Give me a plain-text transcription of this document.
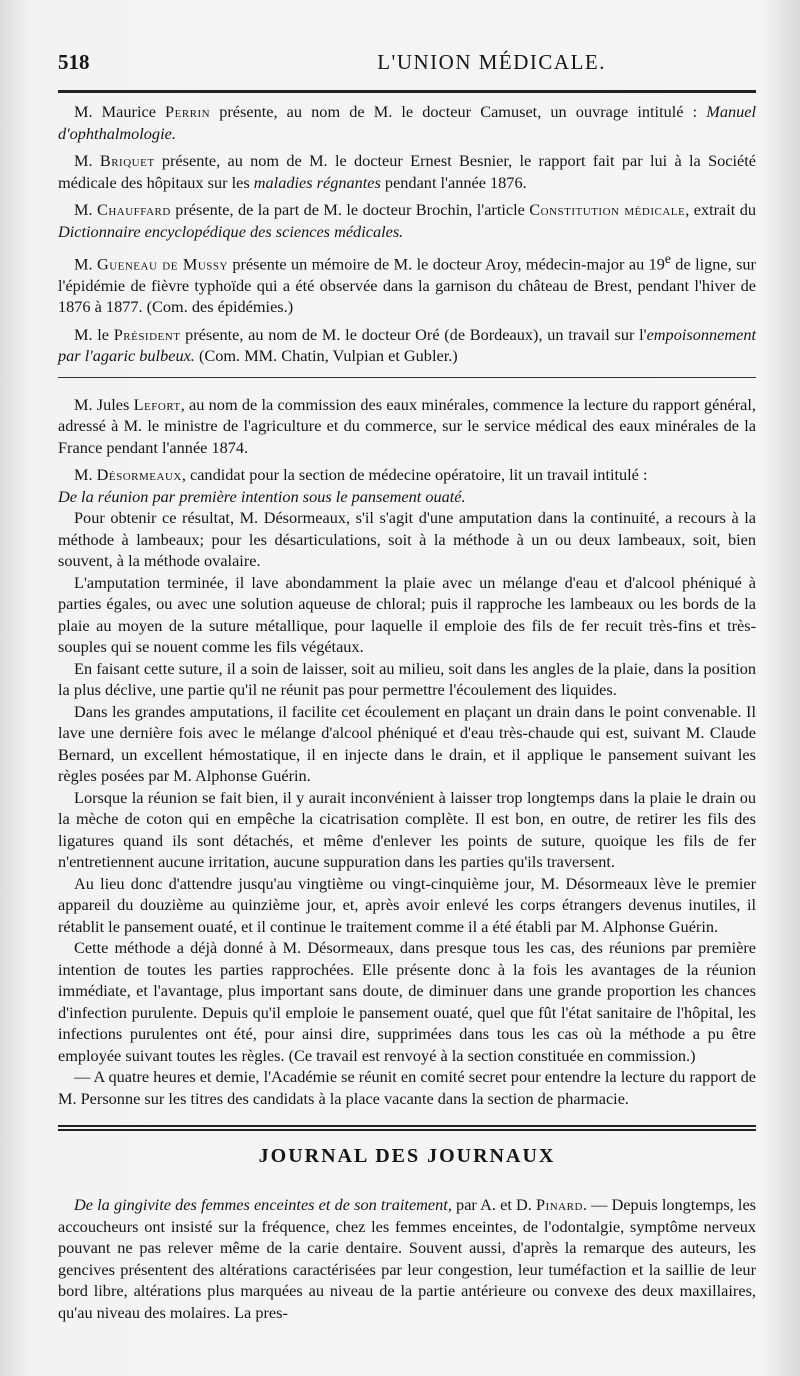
518	L'UNION MÉDICALE.

M. Maurice Perrin présente, au nom de M. le docteur Camuset, un ouvrage intitulé : Manuel d'ophthalmologie.

M. Briquet présente, au nom de M. le docteur Ernest Besnier, le rapport fait par lui à la Société médicale des hôpitaux sur les maladies régnantes pendant l'année 1876.

M. Chauffard présente, de la part de M. le docteur Brochin, l'article Constitution médicale, extrait du Dictionnaire encyclopédique des sciences médicales.

M. Gueneau de Mussy présente un mémoire de M. le docteur Aroy, médecin-major au 19e de ligne, sur l'épidémie de fièvre typhoïde qui a été observée dans la garnison du château de Brest, pendant l'hiver de 1876 à 1877. (Com. des épidémies.)

M. le Président présente, au nom de M. le docteur Oré (de Bordeaux), un travail sur l'empoisonnement par l'agaric bulbeux. (Com. MM. Chatin, Vulpian et Gubler.)

M. Jules Lefort, au nom de la commission des eaux minérales, commence la lecture du rapport général, adressé à M. le ministre de l'agriculture et du commerce, sur le service médical des eaux minérales de la France pendant l'année 1874.

M. Désormeaux, candidat pour la section de médecine opératoire, lit un travail intitulé :
De la réunion par première intention sous le pansement ouaté.

Pour obtenir ce résultat, M. Désormeaux, s'il s'agit d'une amputation dans la continuité, a recours à la méthode à lambeaux; pour les désarticulations, soit à la méthode à un ou deux lambeaux, soit, bien souvent, à la méthode ovalaire.

L'amputation terminée, il lave abondamment la plaie avec un mélange d'eau et d'alcool phéniqué à parties égales, ou avec une solution aqueuse de chloral; puis il rapproche les lambeaux ou les bords de la plaie au moyen de la suture métallique, pour laquelle il emploie des fils de fer recuit très-fins et très-souples qui se nouent comme les fils végétaux.

En faisant cette suture, il a soin de laisser, soit au milieu, soit dans les angles de la plaie, dans la position la plus déclive, une partie qu'il ne réunit pas pour permettre l'écoulement des liquides.

Dans les grandes amputations, il facilite cet écoulement en plaçant un drain dans le point convenable. Il lave une dernière fois avec le mélange d'alcool phéniqué et d'eau très-chaude qui est, suivant M. Claude Bernard, un excellent hémostatique, il en injecte dans le drain, et il applique le pansement suivant les règles posées par M. Alphonse Guérin.

Lorsque la réunion se fait bien, il y aurait inconvénient à laisser trop longtemps dans la plaie le drain ou la mèche de coton qui en empêche la cicatrisation complète. Il est bon, en outre, de retirer les fils des ligatures quand ils sont détachés, et même d'enlever les points de suture, quoique les fils de fer n'entretiennent aucune irritation, aucune suppuration dans les parties qu'ils traversent.

Au lieu donc d'attendre jusqu'au vingtième ou vingt-cinquième jour, M. Désormeaux lève le premier appareil du douzième au quinzième jour, et, après avoir enlevé les corps étrangers devenus inutiles, il rétablit le pansement ouaté, et il continue le traitement comme il a été établi par M. Alphonse Guérin.

Cette méthode a déjà donné à M. Désormeaux, dans presque tous les cas, des réunions par première intention de toutes les parties rapprochées. Elle présente donc à la fois les avantages de la réunion immédiate, et l'avantage, plus important sans doute, de diminuer dans une grande proportion les chances d'infection purulente. Depuis qu'il emploie le pansement ouaté, quel que fût l'état sanitaire de l'hôpital, les infections purulentes ont été, pour ainsi dire, supprimées dans tous les cas où la méthode a pu être employée suivant toutes les règles. (Ce travail est renvoyé à la section constituée en commission.)

— A quatre heures et demie, l'Académie se réunit en comité secret pour entendre la lecture du rapport de M. Personne sur les titres des candidats à la place vacante dans la section de pharmacie.

JOURNAL DES JOURNAUX

De la gingivite des femmes enceintes et de son traitement, par A. et D. Pinard. — Depuis longtemps, les accoucheurs ont insisté sur la fréquence, chez les femmes enceintes, de l'odontalgie, symptôme nerveux pouvant ne pas relever même de la carie dentaire. Souvent aussi, d'après la remarque des auteurs, les gencives présentent des altérations caractérisées par leur congestion, leur tuméfaction et la saillie de leur bord libre, altérations plus marquées au niveau de la partie antérieure ou convexe des deux maxillaires, qu'au niveau des molaires. La pres-
